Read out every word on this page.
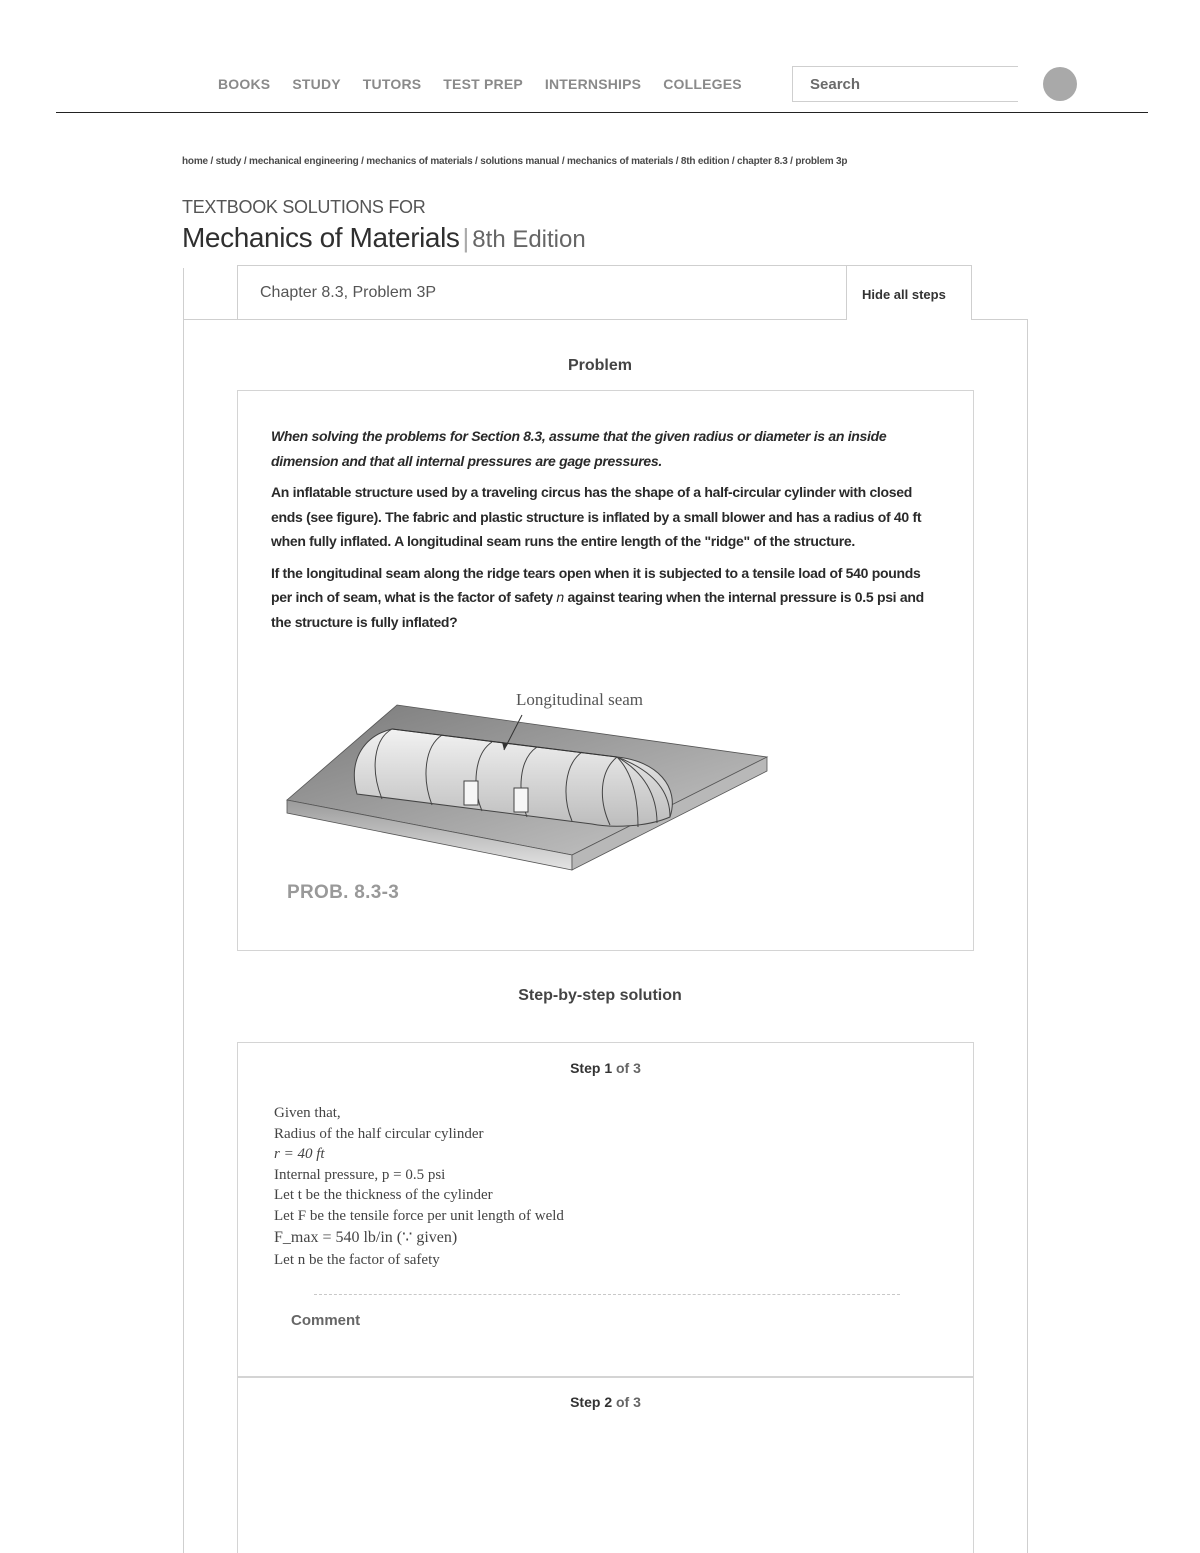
BOOKS STUDY TUTORS TEST PREP INTERNSHIPS COLLEGES
Search
home / study / mechanical engineering / mechanics of materials / solutions manual / mechanics of materials / 8th edition / chapter 8.3 / problem 3p
TEXTBOOK SOLUTIONS FOR
Mechanics of Materials | 8th Edition
Chapter 8.3, Problem 3P	Hide all steps
Problem

When solving the problems for Section 8.3, assume that the given radius or diameter is an inside dimension and that all internal pressures are gage pressures.

An inflatable structure used by a traveling circus has the shape of a half-circular cylinder with closed ends (see figure). The fabric and plastic structure is inflated by a small blower and has a radius of 40 ft when fully inflated. A longitudinal seam runs the entire length of the "ridge" of the structure.

If the longitudinal seam along the ridge tears open when it is subjected to a tensile load of 540 pounds per inch of seam, what is the factor of safety n against tearing when the internal pressure is 0.5 psi and the structure is fully inflated?

Longitudinal seam
PROB. 8.3-3
Step-by-step solution
Step 1 of 3
Given that,
Radius of the half circular cylinder
r = 40 ft
Internal pressure, p = 0.5 psi
Let t be the thickness of the cylinder
Let F be the tensile force per unit length of weld
F_max = 540 lb/in (∵ given)
Let n be the factor of safety
Comment
Step 2 of 3
